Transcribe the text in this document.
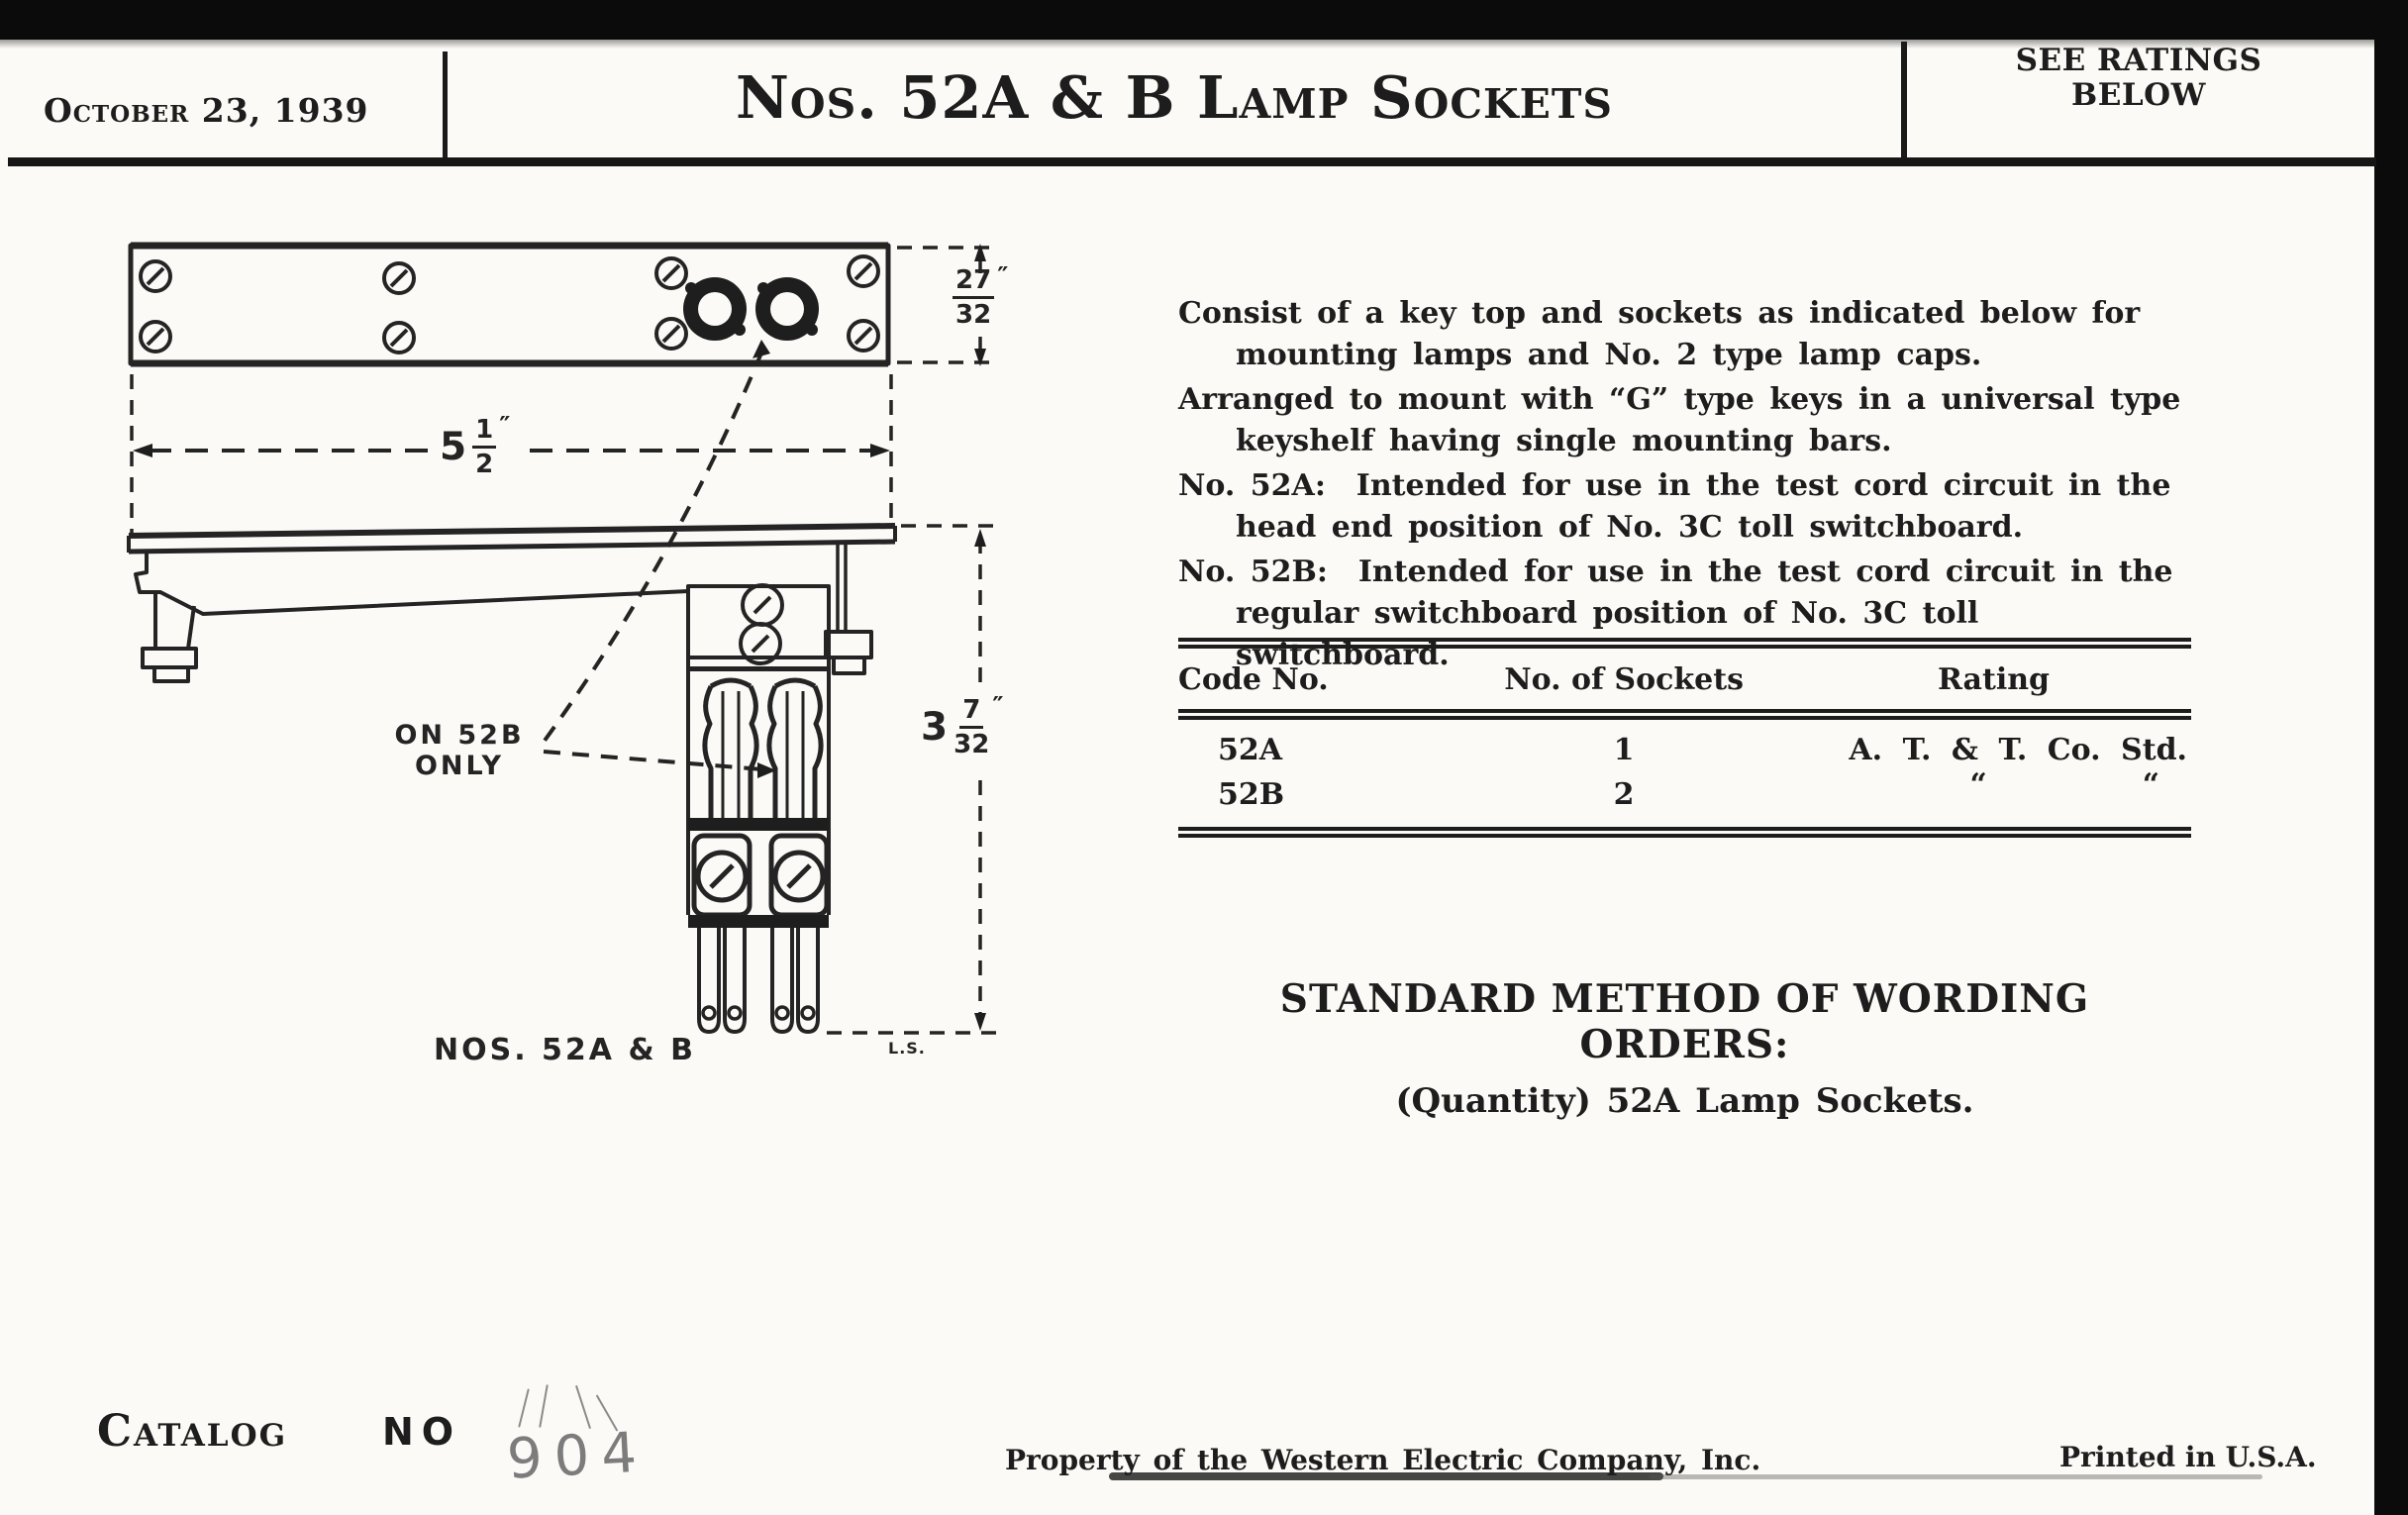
October 23, 1939	Nos. 52A & B Lamp Sockets
SEE RATINGS
BELOW
$\frac{27}{32}$ ″
$5 \frac{1}{2}$ ″
$3 \frac{7}{32}$ ″
ON 52B
ONLY
L.S.
NOS. 52A & B
Consist of a key top and sockets as indicated below for
mounting lamps and No. 2 type lamp caps.
Arranged to mount with “G” type keys in a universal type
keyshelf having single mounting bars.
No. 52A:  Intended for use in the test cord circuit in the
head end position of No. 3C toll switchboard.
No. 52B:  Intended for use in the test cord circuit in the
regular switchboard position of No. 3C toll switchboard.
Code No.	No. of Sockets	Rating
52A	1	A. T. & T. Co. Std.
52B	2	“	“
STANDARD METHOD OF WORDING ORDERS:
(Quantity) 52A Lamp Sockets.
Catalog	NO 904	Property of the Western Electric Company, Inc.	Printed in U.S.A.
